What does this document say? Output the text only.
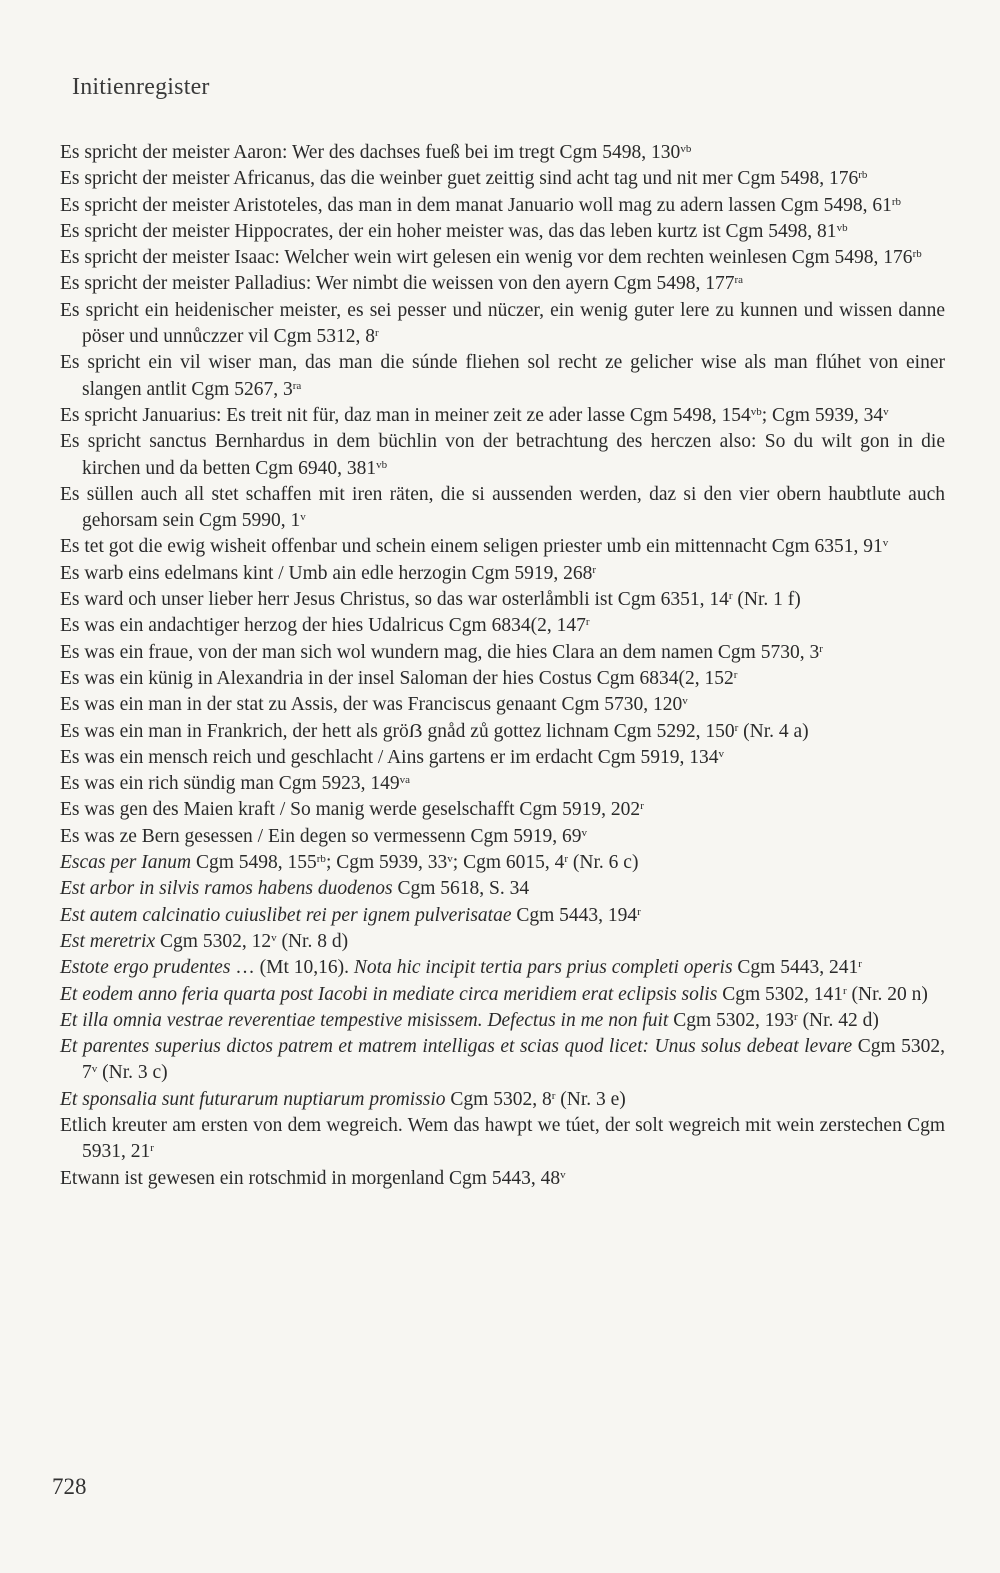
Initienregister

Es spricht der meister Aaron: Wer des dachses fueß bei im tregt Cgm 5498, $130^{vb}$

Es spricht der meister Africanus, das die weinber guet zeittig sind acht tag und nit mer Cgm 5498, $176^{rb}$

Es spricht der meister Aristoteles, das man in dem manat Januario woll mag zu adern lassen Cgm 5498, $61^{rb}$

Es spricht der meister Hippocrates, der ein hoher meister was, das das leben kurtz ist Cgm 5498, $81^{vb}$

Es spricht der meister Isaac: Welcher wein wirt gelesen ein wenig vor dem rechten weinlesen Cgm 5498, $176^{rb}$

Es spricht der meister Palladius: Wer nimbt die weissen von den ayern Cgm 5498, $177^{ra}$

Es spricht ein heidenischer meister, es sei pesser und nüczer, ein wenig guter lere zu kunnen und wissen danne pöser und unnůczzer vil Cgm 5312, 8$^r$

Es spricht ein vil wiser man, das man die súnde fliehen sol recht ze gelicher wise als man flúhet von einer slangen antlit Cgm 5267, $3^{ra}$

Es spricht Januarius: Es treit nit für, daz man in meiner zeit ze ader lasse Cgm 5498, $154^{vb}$; Cgm 5939, 34$^v$

Es spricht sanctus Bernhardus in dem büchlin von der betrachtung des herczen also: So du wilt gon in die kirchen und da betten Cgm 6940, $381^{vb}$

Es süllen auch all stet schaffen mit iren räten, die si aussenden werden, daz si den vier obern haubtlute auch gehorsam sein Cgm 5990, 1$^v$

Es tet got die ewig wisheit offenbar und schein einem seligen priester umb ein mittennacht Cgm 6351, 91$^v$

Es warb eins edelmans kint / Umb ain edle herzogin Cgm 5919, 268$^r$

Es ward och unser lieber herr Jesus Christus, so das war osterlåmbli ist Cgm 6351, 14$^r$ (Nr. 1 f)

Es was ein andachtiger herzog der hies Udalricus Cgm 6834(2, 147$^r$

Es was ein fraue, von der man sich wol wundern mag, die hies Clara an dem namen Cgm 5730, 3$^r$

Es was ein künig in Alexandria in der insel Saloman der hies Costus Cgm 6834(2, 152$^r$

Es was ein man in der stat zu Assis, der was Franciscus genaant Cgm 5730, 120$^v$

Es was ein man in Frankrich, der hett als gröẞ gnåd zů gottez lichnam Cgm 5292, 150$^r$ (Nr. 4 a)

Es was ein mensch reich und geschlacht / Ains gartens er im erdacht Cgm 5919, 134$^v$

Es was ein rich sündig man Cgm 5923, $149^{va}$

Es was gen des Maien kraft / So manig werde geselschafft Cgm 5919, 202$^r$

Es was ze Bern gesessen / Ein degen so vermessenn Cgm 5919, 69$^v$

Escas per Ianum Cgm 5498, $155^{rb}$; Cgm 5939, 33$^v$; Cgm 6015, 4$^r$ (Nr. 6 c)

Est arbor in silvis ramos habens duodenos Cgm 5618, S. 34

Est autem calcinatio cuiuslibet rei per ignem pulverisatae Cgm 5443, 194$^r$

Est meretrix Cgm 5302, 12$^v$ (Nr. 8 d)

Estote ergo prudentes … (Mt 10,16). Nota hic incipit tertia pars prius completi operis Cgm 5443, 241$^r$

Et eodem anno feria quarta post Iacobi in mediate circa meridiem erat eclipsis solis Cgm 5302, 141$^r$ (Nr. 20 n)

Et illa omnia vestrae reverentiae tempestive misissem. Defectus in me non fuit Cgm 5302, 193$^r$ (Nr. 42 d)

Et parentes superius dictos patrem et matrem intelligas et scias quod licet: Unus solus debeat levare Cgm 5302, 7$^v$ (Nr. 3 c)

Et sponsalia sunt futurarum nuptiarum promissio Cgm 5302, 8$^r$ (Nr. 3 e)

Etlich kreuter am ersten von dem wegreich. Wem das hawpt we túet, der solt wegreich mit wein zerstechen Cgm 5931, 21$^r$

Etwann ist gewesen ein rotschmid in morgenland Cgm 5443, 48$^v$

728
